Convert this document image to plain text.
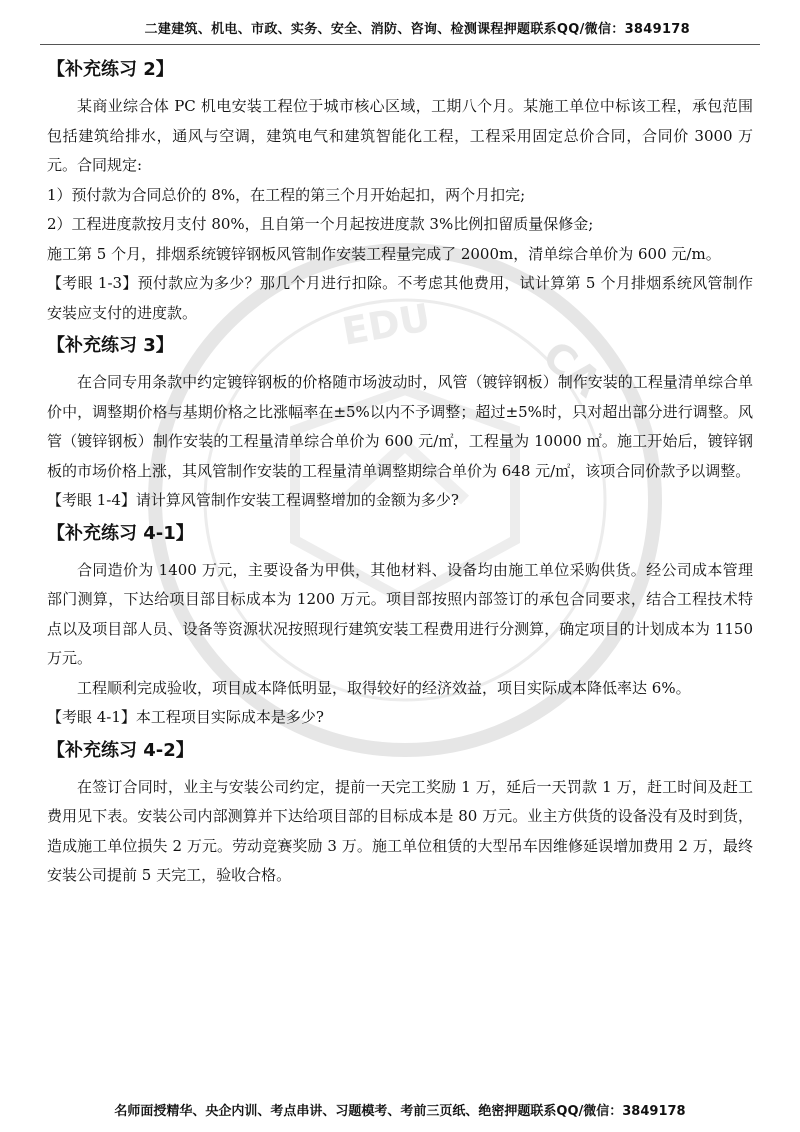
二建建筑、机电、市政、实务、安全、消防、咨询、检测课程押题联系QQ/微信：3849178
CA
EDU
【补充练习 2】

某商业综合体 PC 机电安装工程位于城市核心区域，工期八个月。某施工单位中标该工程，承包范围包括建筑给排水，通风与空调，建筑电气和建筑智能化工程，工程采用固定总价合同，合同价 3000 万元。合同规定:

1）预付款为合同总价的 8%，在工程的第三个月开始起扣，两个月扣完;

2）工程进度款按月支付 80%，且自第一个月起按进度款 3%比例扣留质量保修金;

施工第 5 个月，排烟系统镀锌钢板风管制作安装工程量完成了 2000m，清单综合单价为 600 元/m。

【考眼 1-3】预付款应为多少？那几个月进行扣除。不考虑其他费用，试计算第 5 个月排烟系统风管制作安装应支付的进度款。

【补充练习 3】

在合同专用条款中约定镀锌钢板的价格随市场波动时，风管（镀锌钢板）制作安装的工程量清单综合单价中，调整期价格与基期价格之比涨幅率在±5%以内不予调整；超过±5%时，只对超出部分进行调整。风管（镀锌钢板）制作安装的工程量清单综合单价为 600 元/㎡，工程量为 10000 ㎡。施工开始后，镀锌钢板的市场价格上涨，其风管制作安装的工程量清单调整期综合单价为 648 元/㎡，该项合同价款予以调整。

【考眼 1-4】请计算风管制作安装工程调整增加的金额为多少?

【补充练习 4-1】

合同造价为 1400 万元，主要设备为甲供，其他材料、设备均由施工单位采购供货。经公司成本管理部门测算，下达给项目部目标成本为 1200 万元。项目部按照内部签订的承包合同要求，结合工程技术特点以及项目部人员、设备等资源状况按照现行建筑安装工程费用进行分测算，确定项目的计划成本为 1150 万元。

工程顺利完成验收，项目成本降低明显，取得较好的经济效益，项目实际成本降低率达 6%。

【考眼 4-1】本工程项目实际成本是多少?

【补充练习 4-2】

在签订合同时，业主与安装公司约定，提前一天完工奖励 1 万，延后一天罚款 1 万，赶工时间及赶工费用见下表。安装公司内部测算并下达给项目部的目标成本是 80 万元。业主方供货的设备没有及时到货，造成施工单位损失 2 万元。劳动竞赛奖励 3 万。施工单位租赁的大型吊车因维修延误增加费用 2 万，最终安装公司提前 5 天完工，验收合格。

名师面授精华、央企内训、考点串讲、习题模考、考前三页纸、绝密押题联系QQ/微信：3849178
